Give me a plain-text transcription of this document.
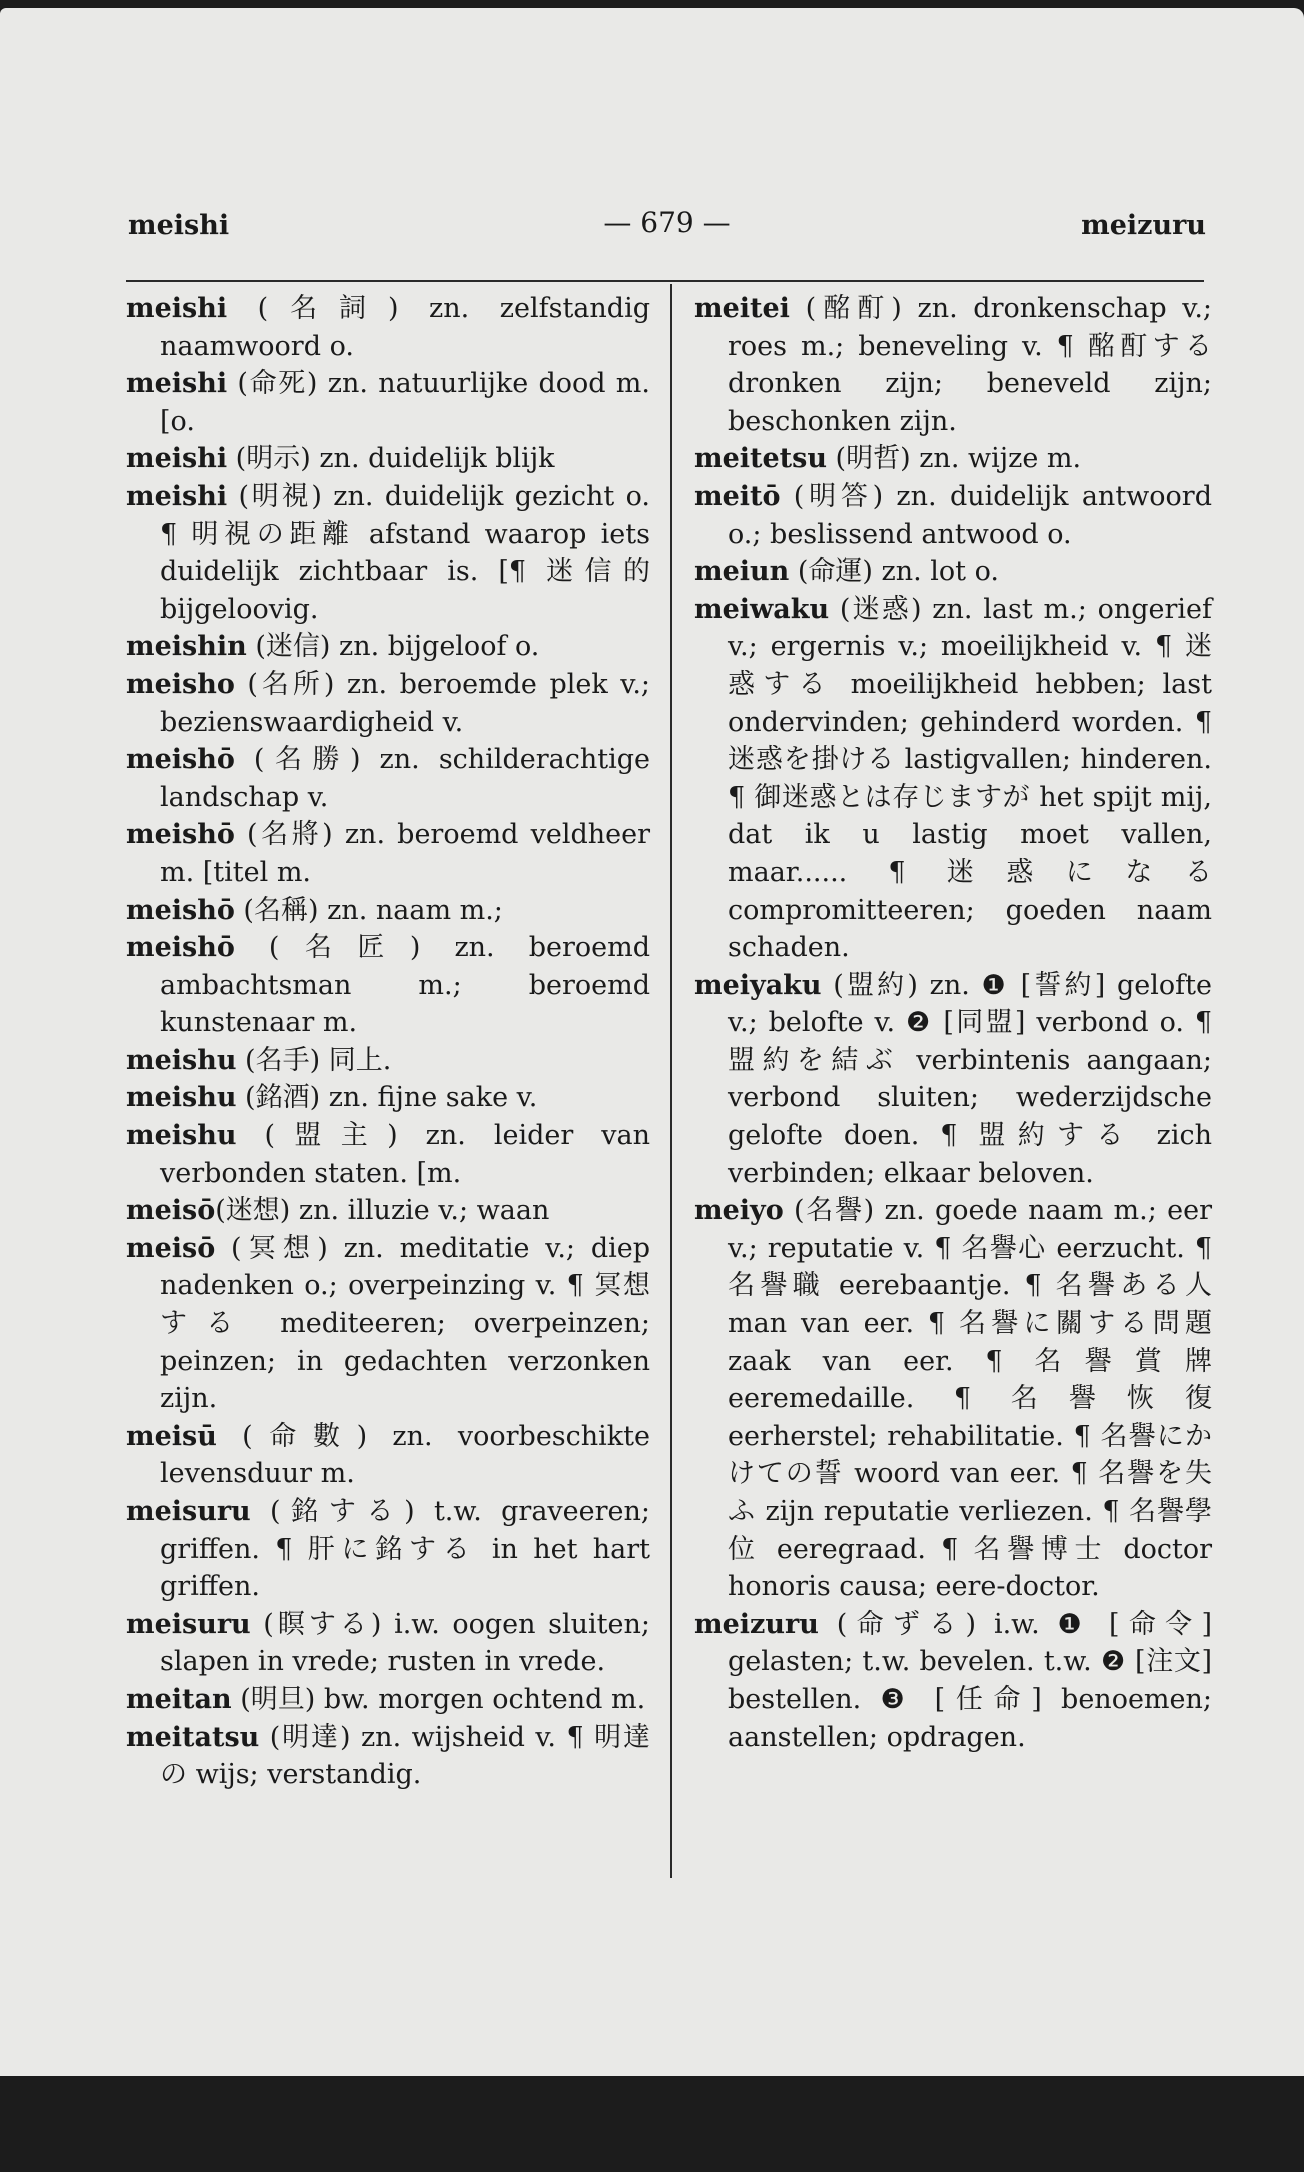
meishi	— 679 —	meizuru

meishi (名詞) zn. zelfstandig naamwoord o.

meishi (命死) zn. natuurlijke dood m. [o.

meishi (明示) zn. duidelijk blijk

meishi (明視) zn. duidelijk gezicht o. ¶ 明視の距離 afstand waarop iets duidelijk zichtbaar is. [¶ 迷信的 bijgeloovig.

meishin (迷信) zn. bijgeloof o.

meisho (名所) zn. beroemde plek v.; bezienswaardigheid v.

meishō (名勝) zn. schilderachtige landschap v.

meishō (名將) zn. beroemd veldheer m. [titel m.

meishō (名稱) zn. naam m.;

meishō (名匠) zn. beroemd ambachtsman m.; beroemd kunstenaar m.

meishu (名手) 同上.

meishu (銘酒) zn. fijne sake v.

meishu (盟主) zn. leider van verbonden staten. [m.

meisō(迷想) zn. illuzie v.; waan

meisō (冥想) zn. meditatie v.; diep nadenken o.; overpeinzing v. ¶ 冥想する mediteeren; overpeinzen; peinzen; in gedachten verzonken zijn.

meisū (命數) zn. voorbeschikte levensduur m.

meisuru (銘する) t.w. graveeren; griffen. ¶ 肝に銘する in het hart griffen.

meisuru (瞑する) i.w. oogen sluiten; slapen in vrede; rusten in vrede.

meitan (明旦) bw. morgen ochtend m.

meitatsu (明達) zn. wijsheid v. ¶ 明達の wijs; verstandig.

meitei (酩酊) zn. dronkenschap v.; roes m.; beneveling v. ¶ 酩酊する dronken zijn; beneveld zijn; beschonken zijn.

meitetsu (明哲) zn. wijze m.

meitō (明答) zn. duidelijk antwoord o.; beslissend antwood o.

meiun (命運) zn. lot o.

meiwaku (迷惑) zn. last m.; ongerief v.; ergernis v.; moeilijkheid v. ¶ 迷惑する moeilijkheid hebben; last ondervinden; gehinderd worden. ¶ 迷惑を掛ける lastigvallen; hinderen. ¶ 御迷惑とは存じますが het spijt mij, dat ik u lastig moet vallen, maar...... ¶ 迷惑になる compromitteeren; goeden naam schaden.

meiyaku (盟約) zn. ❶ [誓約] gelofte v.; belofte v. ❷ [同盟] verbond o. ¶ 盟約を結ぶ verbintenis aangaan; verbond sluiten; wederzijdsche gelofte doen. ¶ 盟約する zich verbinden; elkaar beloven.

meiyo (名譽) zn. goede naam m.; eer v.; reputatie v. ¶ 名譽心 eerzucht. ¶ 名譽職 eerebaantje. ¶ 名譽ある人 man van eer. ¶ 名譽に關する問題 zaak van eer. ¶ 名譽賞牌 eeremedaille. ¶ 名譽恢復 eerherstel; rehabilitatie. ¶ 名譽にかけての誓 woord van eer. ¶ 名譽を失ふ zijn reputatie verliezen. ¶ 名譽學位 eeregraad. ¶ 名譽博士 doctor honoris causa; eere-doctor.

meizuru (命ずる) i.w. ❶ [命令] gelasten; t.w. bevelen. t.w. ❷ [注文] bestellen. ❸ [任命] benoemen; aanstellen; opdragen.
